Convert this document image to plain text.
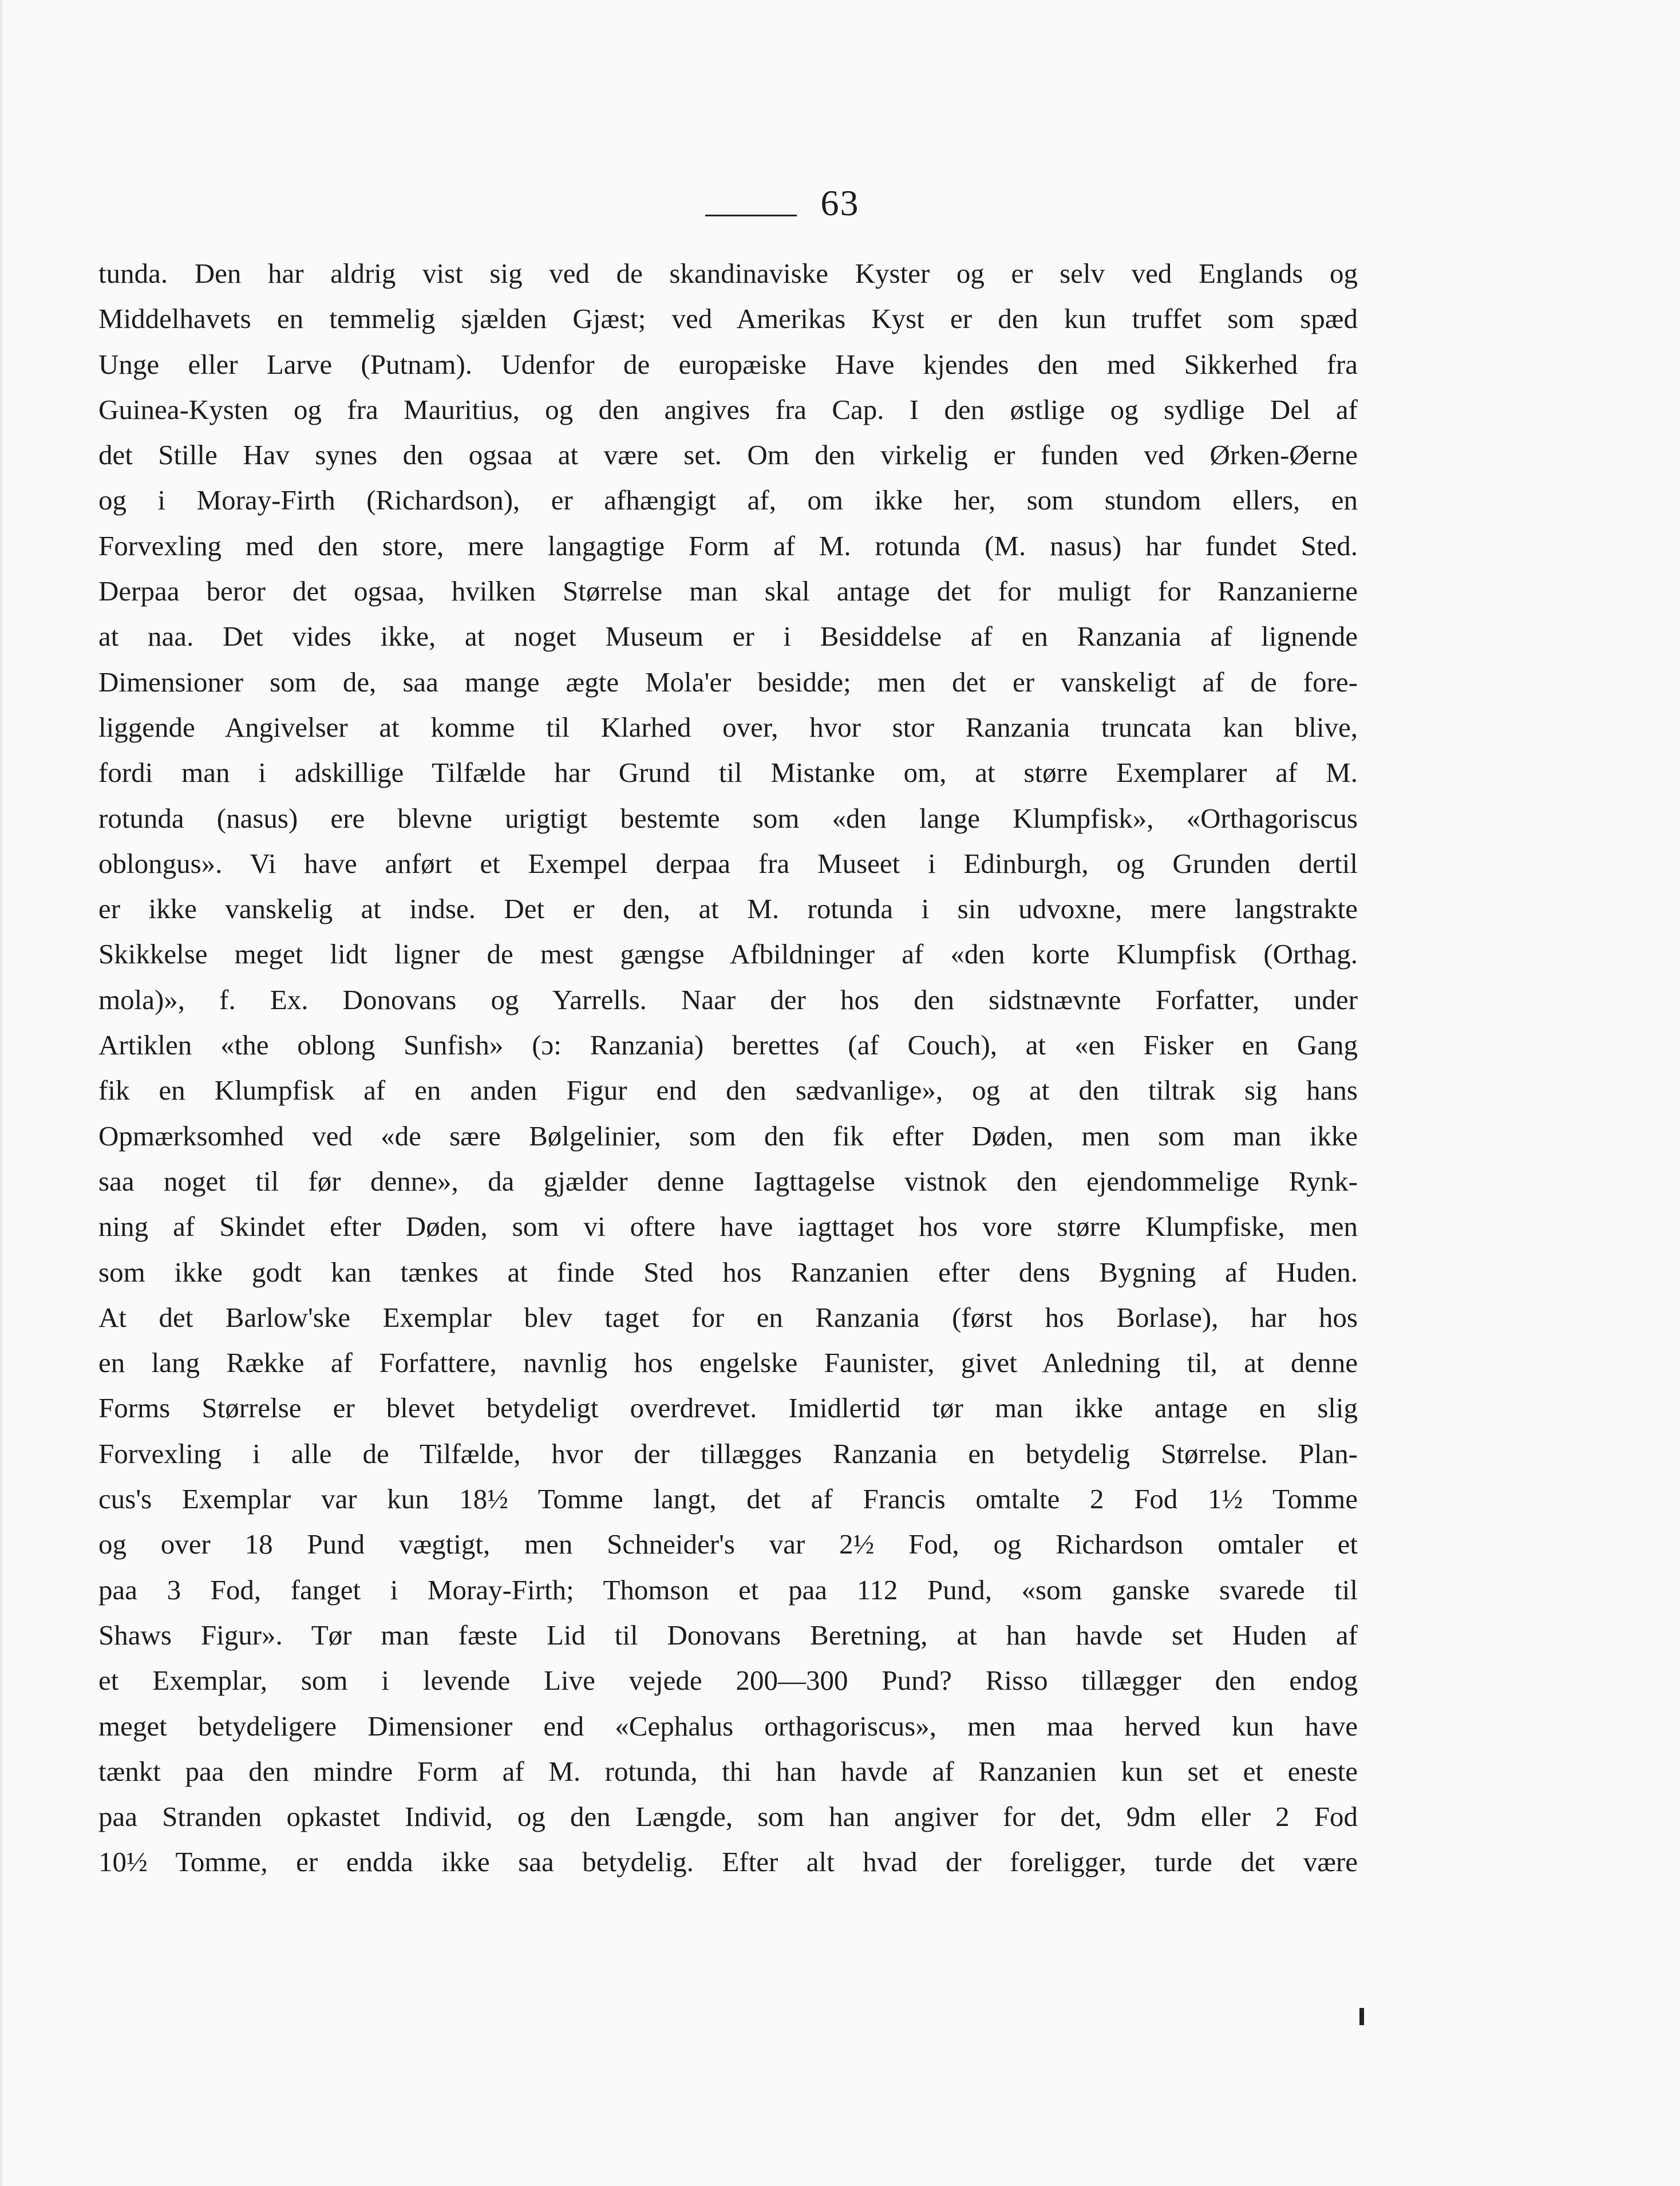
63
tunda. Den har aldrig vist sig ved de skandinaviske Kyster og er selv ved Englands og
Middelhavets en temmelig sjælden Gjæst; ved Amerikas Kyst er den kun truffet som spæd
Unge eller Larve (Putnam). Udenfor de europæiske Have kjendes den med Sikkerhed fra
Guinea-Kysten og fra Mauritius, og den angives fra Cap. I den østlige og sydlige Del af
det Stille Hav synes den ogsaa at være set. Om den virkelig er funden ved Ørken-Øerne
og i Moray-Firth (Richardson), er afhængigt af, om ikke her, som stundom ellers, en
Forvexling med den store, mere langagtige Form af M. rotunda (M. nasus) har fundet Sted.
Derpaa beror det ogsaa, hvilken Størrelse man skal antage det for muligt for Ranzanierne
at naa. Det vides ikke, at noget Museum er i Besiddelse af en Ranzania af lignende
Dimensioner som de, saa mange ægte Mola'er besidde; men det er vanskeligt af de fore-
liggende Angivelser at komme til Klarhed over, hvor stor Ranzania truncata kan blive,
fordi man i adskillige Tilfælde har Grund til Mistanke om, at større Exemplarer af M.
rotunda (nasus) ere blevne urigtigt bestemte som «den lange Klumpfisk», «Orthagoriscus
oblongus». Vi have anført et Exempel derpaa fra Museet i Edinburgh, og Grunden dertil
er ikke vanskelig at indse. Det er den, at M. rotunda i sin udvoxne, mere langstrakte
Skikkelse meget lidt ligner de mest gængse Afbildninger af «den korte Klumpfisk (Orthag.
mola)», f. Ex. Donovans og Yarrells. Naar der hos den sidstnævnte Forfatter, under
Artiklen «the oblong Sunfish» (ɔ: Ranzania) berettes (af Couch), at «en Fisker en Gang
fik en Klumpfisk af en anden Figur end den sædvanlige», og at den tiltrak sig hans
Opmærksomhed ved «de sære Bølgelinier, som den fik efter Døden, men som man ikke
saa noget til før denne», da gjælder denne Iagttagelse vistnok den ejendommelige Rynk-
ning af Skindet efter Døden, som vi oftere have iagttaget hos vore større Klumpfiske, men
som ikke godt kan tænkes at finde Sted hos Ranzanien efter dens Bygning af Huden.
At det Barlow'ske Exemplar blev taget for en Ranzania (først hos Borlase), har hos
en lang Række af Forfattere, navnlig hos engelske Faunister, givet Anledning til, at denne
Forms Størrelse er blevet betydeligt overdrevet. Imidlertid tør man ikke antage en slig
Forvexling i alle de Tilfælde, hvor der tillægges Ranzania en betydelig Størrelse. Plan-
cus's Exemplar var kun 18½ Tomme langt, det af Francis omtalte 2 Fod 1½ Tomme
og over 18 Pund vægtigt, men Schneider's var 2½ Fod, og Richardson omtaler et
paa 3 Fod, fanget i Moray-Firth; Thomson et paa 112 Pund, «som ganske svarede til
Shaws Figur». Tør man fæste Lid til Donovans Beretning, at han havde set Huden af
et Exemplar, som i levende Live vejede 200—300 Pund? Risso tillægger den endog
meget betydeligere Dimensioner end «Cephalus orthagoriscus», men maa herved kun have
tænkt paa den mindre Form af M. rotunda, thi han havde af Ranzanien kun set et eneste
paa Stranden opkastet Individ, og den Længde, som han angiver for det, 9dm eller 2 Fod
10½ Tomme, er endda ikke saa betydelig. Efter alt hvad der foreligger, turde det være
